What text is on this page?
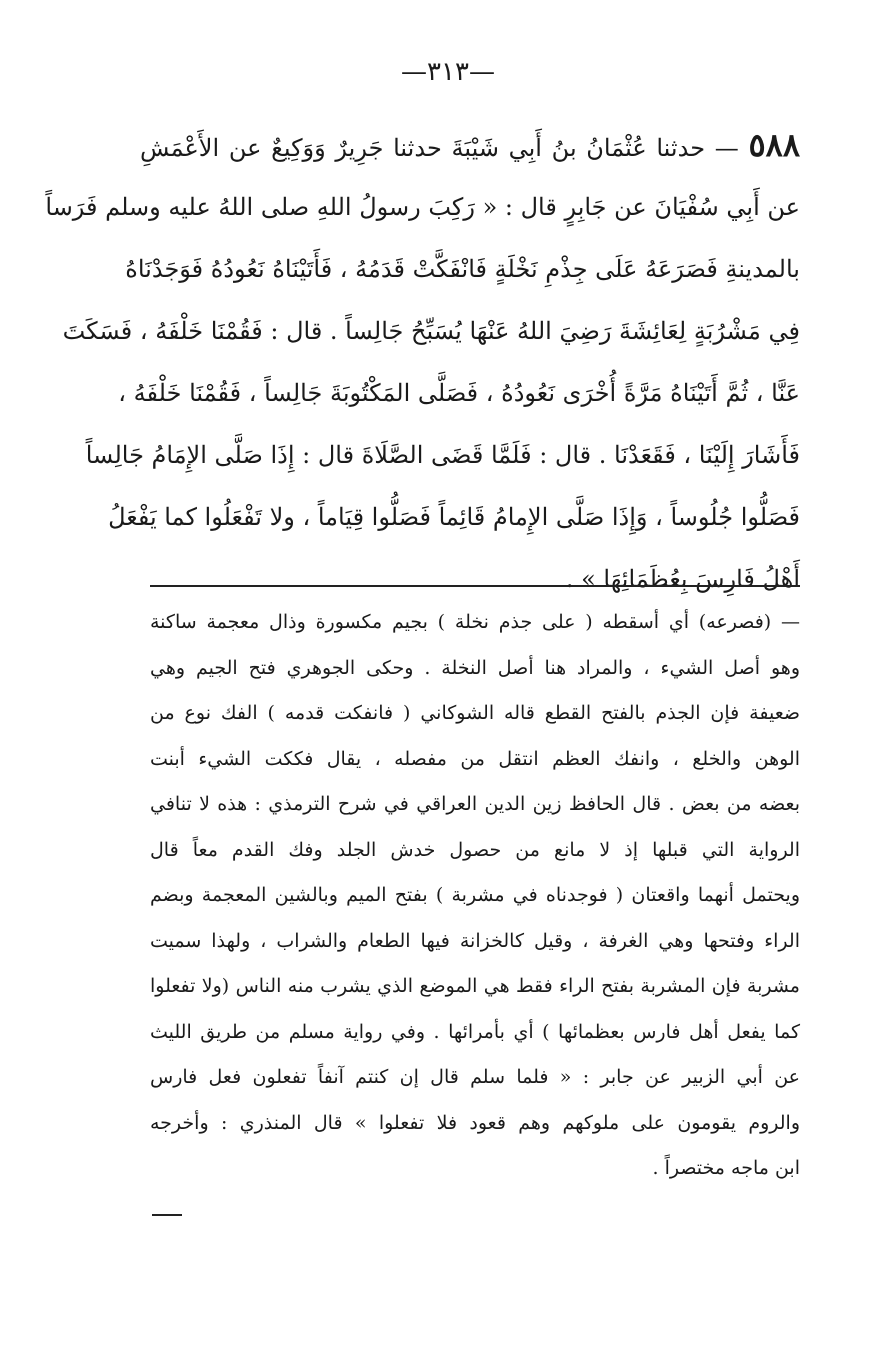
—٣١٣—
٥٨٨ — حدثنا عُثْمَانُ بنُ أَبِي شَيْبَةَ حدثنا جَرِيرٌ وَوَكِيعٌ عن الأَعْمَشِ
عن أَبِي سُفْيَانَ عن جَابِرٍ قال : « رَكِبَ رسولُ اللهِ صلى اللهُ عليه وسلم فَرَساً
بالمدينةِ فَصَرَعَهُ عَلَى جِذْمِ نَخْلَةٍ فَانْفَكَّتْ قَدَمُهُ ، فَأَتَيْنَاهُ نَعُودُهُ فَوَجَدْنَاهُ
فِي مَشْرُبَةٍ لِعَائِشَةَ رَضِيَ اللهُ عَنْهَا يُسَبِّحُ جَالِساً . قال : فَقُمْنَا خَلْفَهُ ، فَسَكَتَ
عَنَّا ، ثُمَّ أَتَيْنَاهُ مَرَّةً أُخْرَى نَعُودُهُ ، فَصَلَّى المَكْتُوبَةَ جَالِساً ، فَقُمْنَا خَلْفَهُ ،
فَأَشَارَ إِلَيْنَا ، فَقَعَدْنَا . قال : فَلَمَّا قَضَى الصَّلَاةَ قال : إِذَا صَلَّى الإِمَامُ جَالِساً
فَصَلُّوا جُلُوساً ، وَإِذَا صَلَّى الإِمامُ قَائِماً فَصَلُّوا قِيَاماً ، ولا تَفْعَلُوا كما يَفْعَلُ
أَهْلُ فَارِسَ بِعُظَمَائِهَا » .
— (فصرعه) أي أسقطه ( على جذم نخلة ) بجيم مكسورة وذال معجمة ساكنة
وهو أصل الشيء ، والمراد هنا أصل النخلة . وحكى الجوهري فتح الجيم وهي
ضعيفة فإن الجذم بالفتح القطع قاله الشوكاني ( فانفكت قدمه ) الفك نوع من
الوهن والخلع ، وانفك العظم انتقل من مفصله ، يقال فككت الشيء أبنت
بعضه من بعض . قال الحافظ زين الدين العراقي في شرح الترمذي : هذه لا تنافي
الرواية التي قبلها إذ لا مانع من حصول خدش الجلد وفك القدم معاً قال
ويحتمل أنهما واقعتان ( فوجدناه في مشربة ) بفتح الميم وبالشين المعجمة وبضم
الراء وفتحها وهي الغرفة ، وقيل كالخزانة فيها الطعام والشراب ، ولهذا سميت
مشربة فإن المشربة بفتح الراء فقط هي الموضع الذي يشرب منه الناس (ولا تفعلوا
كما يفعل أهل فارس بعظمائها ) أي بأمرائها . وفي رواية مسلم من طريق الليث
عن أبي الزبير عن جابر : « فلما سلم قال إن كنتم آنفاً تفعلون فعل فارس
والروم يقومون على ملوكهم وهم قعود فلا تفعلوا » قال المنذري : وأخرجه
ابن ماجه مختصراً .
